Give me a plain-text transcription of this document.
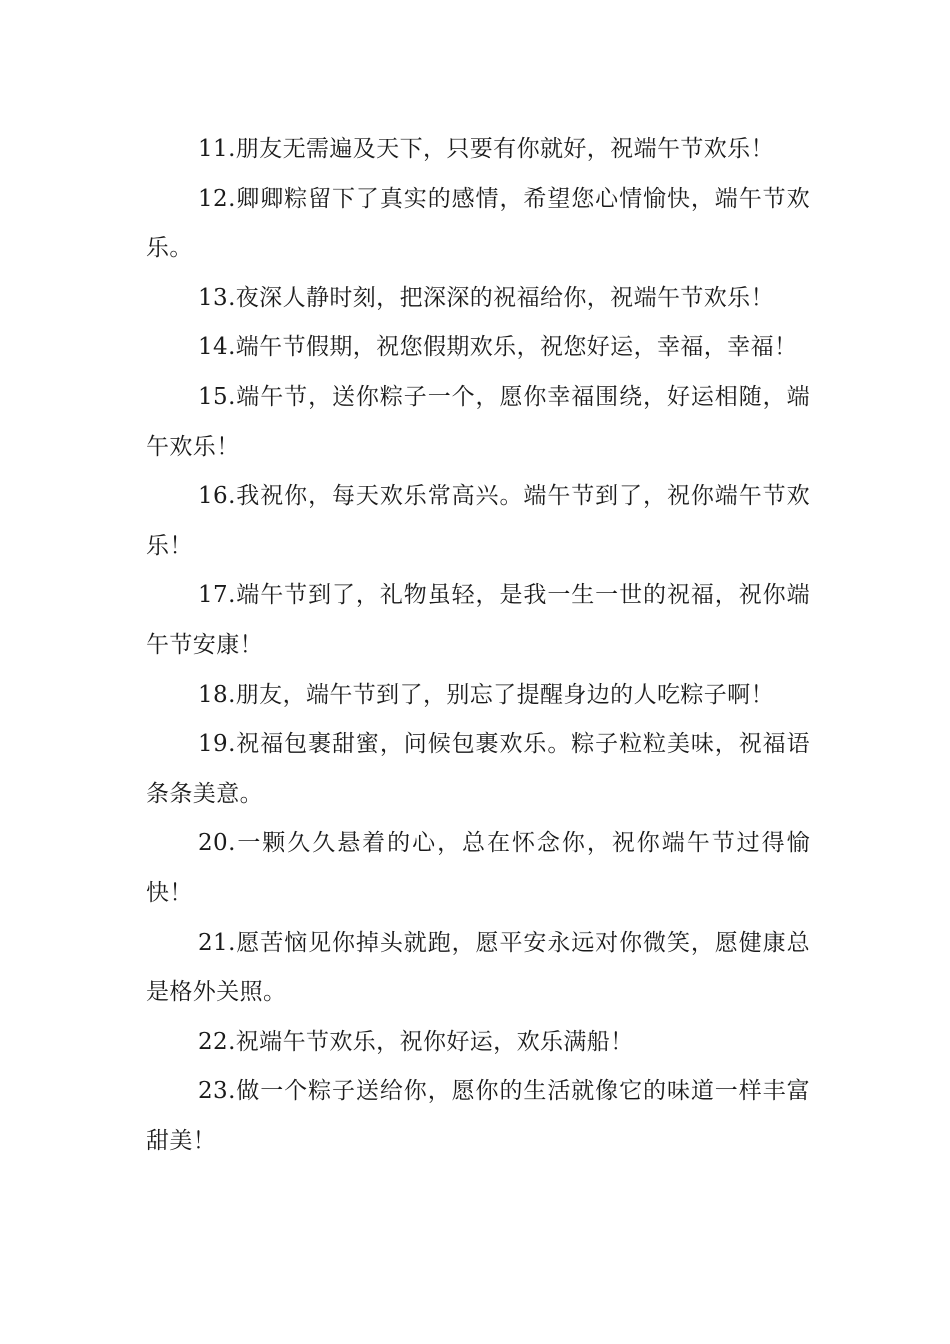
11.朋友无需遍及天下，只要有你就好，祝端午节欢乐！

12.卿卿粽留下了真实的感情，希望您心情愉快，端午节欢乐。

13.夜深人静时刻，把深深的祝福给你，祝端午节欢乐！

14.端午节假期，祝您假期欢乐，祝您好运，幸福，幸福！

15.端午节，送你粽子一个，愿你幸福围绕，好运相随，端午欢乐！

16.我祝你，每天欢乐常高兴。端午节到了，祝你端午节欢乐！

17.端午节到了，礼物虽轻，是我一生一世的祝福，祝你端午节安康！

18.朋友，端午节到了，别忘了提醒身边的人吃粽子啊！

19.祝福包裹甜蜜，问候包裹欢乐。粽子粒粒美味，祝福语条条美意。

20.一颗久久悬着的心，总在怀念你，祝你端午节过得愉快！

21.愿苦恼见你掉头就跑，愿平安永远对你微笑，愿健康总是格外关照。

22.祝端午节欢乐，祝你好运，欢乐满船！

23.做一个粽子送给你，愿你的生活就像它的味道一样丰富甜美！
